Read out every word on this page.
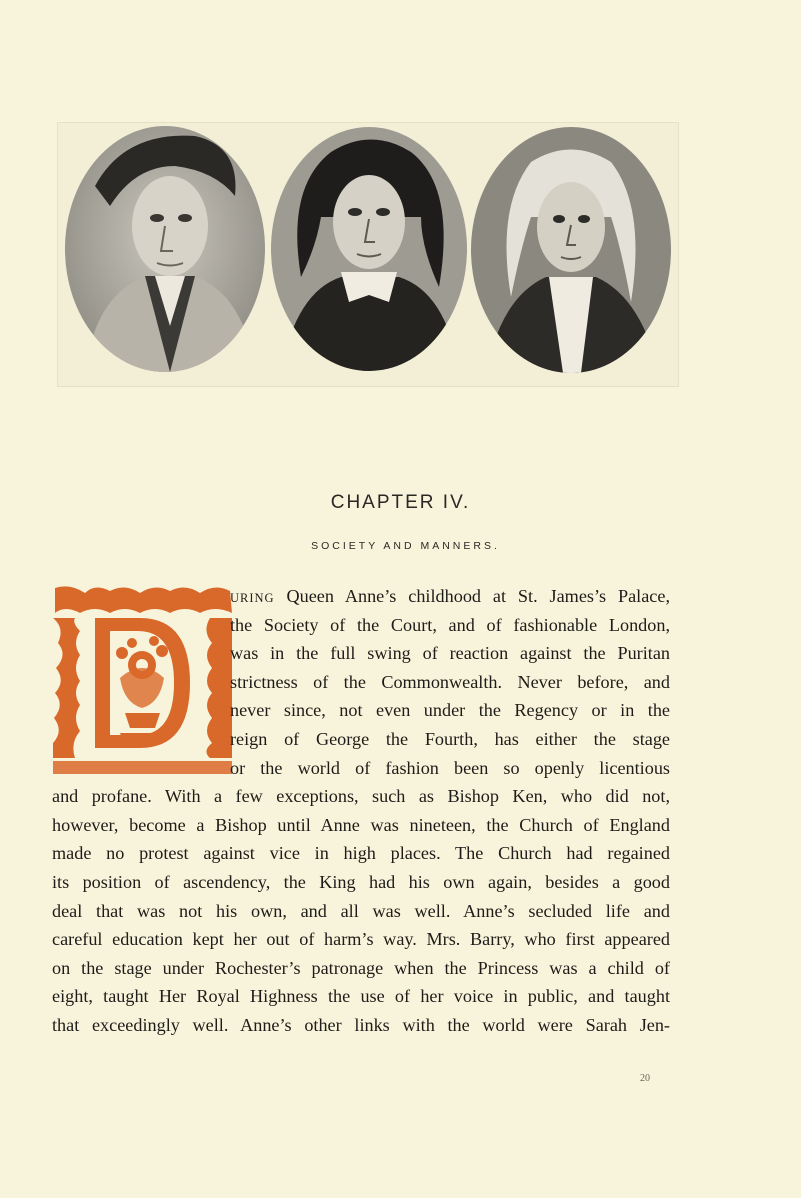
CHAPTER IV.
SOCIETY AND MANNERS.
URING Queen Anne’s childhood at St. James’s Palace,
the Society of the Court, and of fashionable London,
was in the full swing of reaction against the Puritan
strictness of the Commonwealth. Never before, and
never since, not even under the Regency or in the
reign of George the Fourth, has either the stage
or the world of fashion been so openly licentious
and profane. With a few exceptions, such as Bishop Ken, who did not,
however, become a Bishop until Anne was nineteen, the Church of England
made no protest against vice in high places. The Church had regained
its position of ascendency, the King had his own again, besides a good
deal that was not his own, and all was well. Anne’s secluded life and
careful education kept her out of harm’s way. Mrs. Barry, who first appeared
on the stage under Rochester’s patronage when the Princess was a child of
eight, taught Her Royal Highness the use of her voice in public, and taught
that exceedingly well. Anne’s other links with the world were Sarah Jen-
20
